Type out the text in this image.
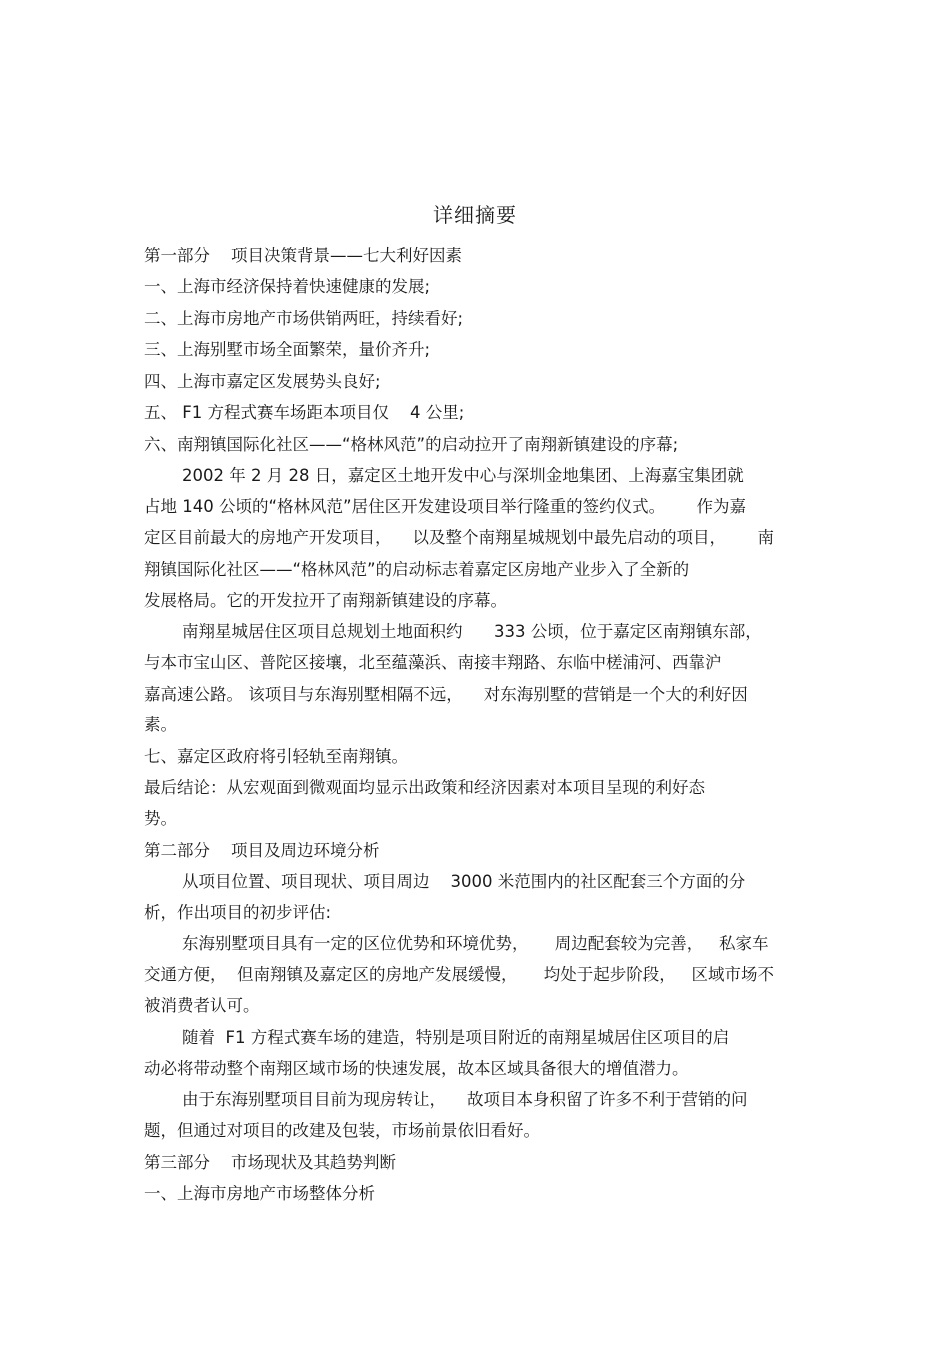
详细摘要
第一部分    项目决策背景——七大利好因素
一、上海市经济保持着快速健康的发展;
二、上海市房地产市场供销两旺，持续看好;
三、上海别墅市场全面繁荣，量价齐升;
四、上海市嘉定区发展势头良好;
五、 F1 方程式赛车场距本项目仅    4 公里;
六、南翔镇国际化社区——“格林风范”的启动拉开了南翔新镇建设的序幕;
2002 年 2 月 28 日，嘉定区土地开发中心与深圳金地集团、上海嘉宝集团就
占地 140 公顷的“格林风范”居住区开发建设项目举行隆重的签约仪式。      作为嘉
定区目前最大的房地产开发项目，    以及整个南翔星城规划中最先启动的项目，      南
翔镇国际化社区——“格林风范”的启动标志着嘉定区房地产业步入了全新的
发展格局。它的开发拉开了南翔新镇建设的序幕。
南翔星城居住区项目总规划土地面积约      333 公顷，位于嘉定区南翔镇东部，
与本市宝山区、普陀区接壤，北至蕴藻浜、南接丰翔路、东临中槎浦河、西靠沪
嘉高速公路。 该项目与东海别墅相隔不远，    对东海别墅的营销是一个大的利好因
素。
七、嘉定区政府将引轻轨至南翔镇。
最后结论：从宏观面到微观面均显示出政策和经济因素对本项目呈现的利好态
势。
第二部分    项目及周边环境分析
从项目位置、项目现状、项目周边    3000 米范围内的社区配套三个方面的分
析，作出项目的初步评估:
东海别墅项目具有一定的区位优势和环境优势，     周边配套较为完善，   私家车
交通方便，  但南翔镇及嘉定区的房地产发展缓慢，     均处于起步阶段，   区域市场不
被消费者认可。
随着  F1 方程式赛车场的建造，特别是项目附近的南翔星城居住区项目的启
动必将带动整个南翔区域市场的快速发展，故本区域具备很大的增值潜力。
由于东海别墅项目目前为现房转让，    故项目本身积留了许多不利于营销的问
题，但通过对项目的改建及包装，市场前景依旧看好。
第三部分    市场现状及其趋势判断
一、上海市房地产市场整体分析
